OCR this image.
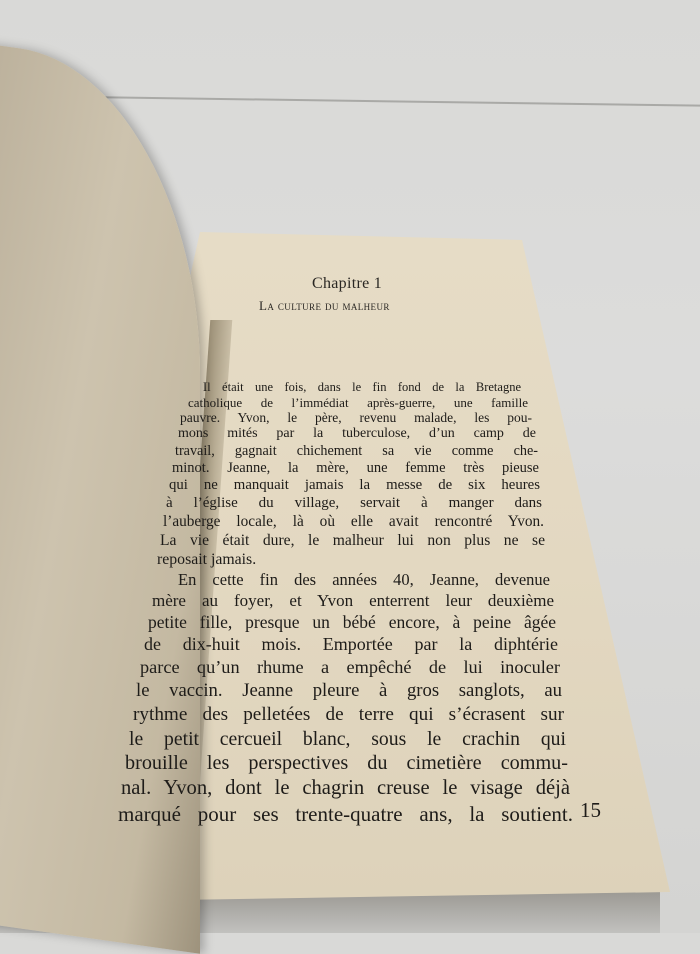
Chapitre 1
La culture du malheur
Il était une fois, dans le fin fond de la Bretagne
catholique de l’immédiat après-guerre, une famille
pauvre. Yvon, le père, revenu malade, les pou-
mons mités par la tuberculose, d’un camp de
travail, gagnait chichement sa vie comme che-
minot. Jeanne, la mère, une femme très pieuse
qui ne manquait jamais la messe de six heures
à l’église du village, servait à manger dans
l’auberge locale, là où elle avait rencontré Yvon.
La vie était dure, le malheur lui non plus ne se
reposait jamais.
En cette fin des années 40, Jeanne, devenue
mère au foyer, et Yvon enterrent leur deuxième
petite fille, presque un bébé encore, à peine âgée
de dix-huit mois. Emportée par la diphtérie
parce qu’un rhume a empêché de lui inoculer
le vaccin. Jeanne pleure à gros sanglots, au
rythme des pelletées de terre qui s’écrasent sur
le petit cercueil blanc, sous le crachin qui
brouille les perspectives du cimetière commu-
nal. Yvon, dont le chagrin creuse le visage déjà
marqué pour ses trente-quatre ans, la soutient. 15
